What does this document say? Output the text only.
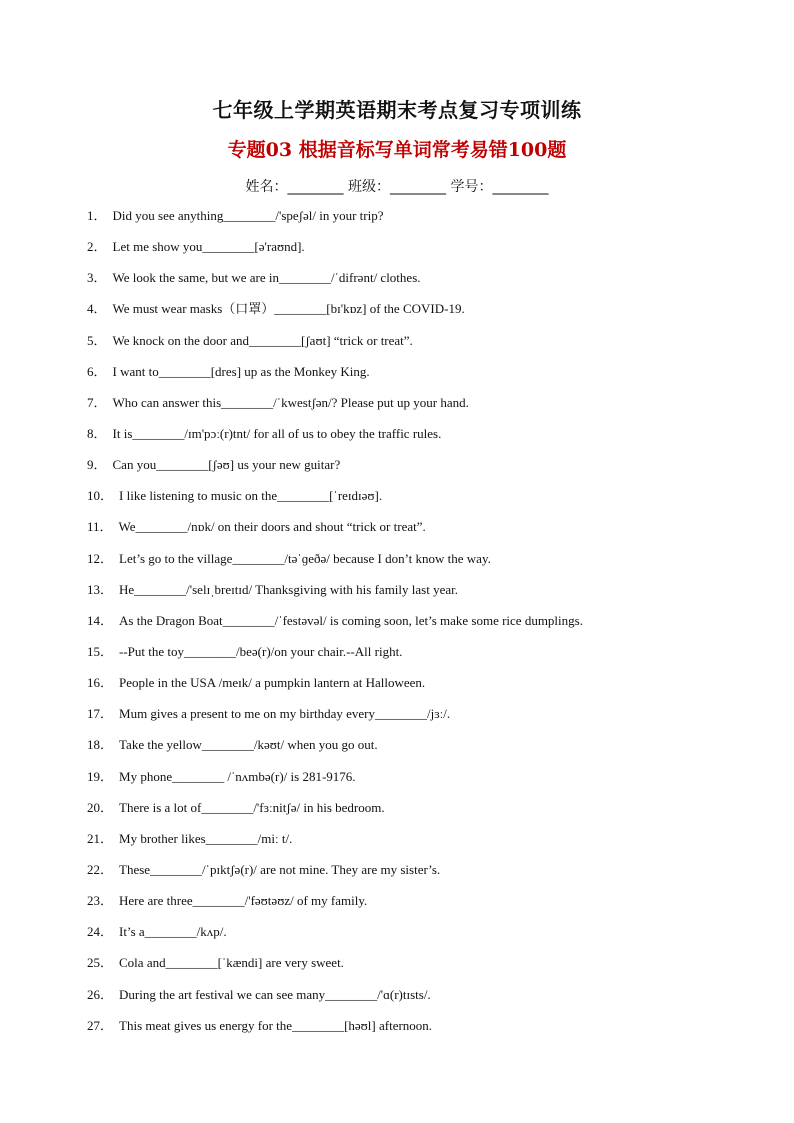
七年级上学期英语期末考点复习专项训练
专题03 根据音标写单词常考易错100题
姓名：________ 班级：________ 学号：________
1． Did you see anything________/'speʃəl/ in your trip?
2． Let me show you________[ə'raʊnd].
3． We look the same, but we are in________/ˈdifrənt/ clothes.
4． We must wear masks（口罩）________[bɪ'kɒz] of the COVID-19.
5． We knock on the door and________[ʃaʊt] “trick or treat”.
6． I want to________[dres] up as the Monkey King.
7． Who can answer this________/ˈkwestʃən/? Please put up your hand.
8． It is________/ɪm'pɔː(r)tnt/ for all of us to obey the traffic rules.
9． Can you________[ʃəʊ] us your new guitar?
10． I like listening to music on the________[ˈreɪdɪəʊ].
11． We________/nɒk/ on their doors and shout “trick or treat”.
12． Let’s go to the village________/təˈɡeðə/ because I don’t know the way.
13． He________/'selɪˌbreɪtɪd/ Thanksgiving with his family last year.
14． As the Dragon Boat________/ˈfestəvəl/ is coming soon, let’s make some rice dumplings.
15． --Put the toy________/beə(r)/on your chair.--All right.
16． People in the USA /meɪk/ a pumpkin lantern at Halloween.
17． Mum gives a present to me on my birthday every________/jɜː/.
18． Take the yellow________/kəʊt/ when you go out.
19． My phone________ /ˈnʌmbə(r)/ is 281-9176.
20． There is a lot of________/'fɜːnitʃə/ in his bedroom.
21． My brother likes________/miː t/.
22． These________/ˈpɪktʃə(r)/ are not mine. They are my sister’s.
23． Here are three________/'fəʊtəʊz/ of my family.
24． It’s a________/kʌp/.
25． Cola and________[ˈkændi] are very sweet.
26． During the art festival we can see many________/'ɑ(r)tɪsts/.
27． This meat gives us energy for the________[həʊl] afternoon.
